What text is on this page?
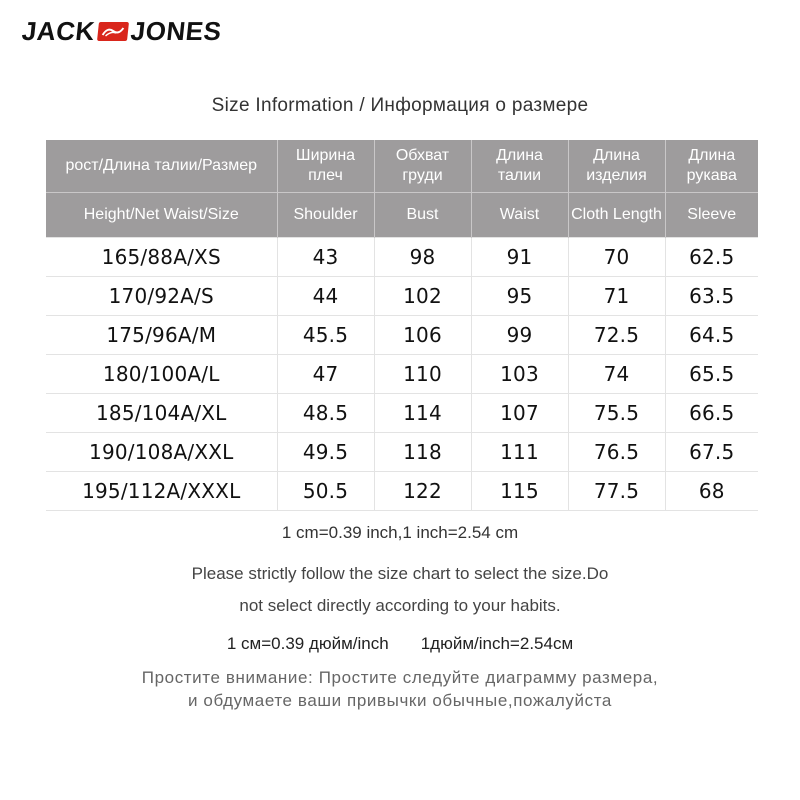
JACK JONES
Size Information / Информация о размере
рост/Длина талии/Размер	Ширина плеч	Обхват груди	Длина талии	Длина изделия	Длина рукава
Height/Net Waist/Size	Shoulder	Bust	Waist	Cloth Length	Sleeve
165/88A/XS	43	98	91	70	62.5
170/92A/S	44	102	95	71	63.5
175/96A/M	45.5	106	99	72.5	64.5
180/100A/L	47	110	103	74	65.5
185/104A/XL	48.5	114	107	75.5	66.5
190/108A/XXL	49.5	118	111	76.5	67.5
195/112A/XXXL	50.5	122	115	77.5	68
1 cm=0.39 inch,1 inch=2.54 cm
Please strictly follow the size chart to select the size.Do
not select directly according to your habits.
1 см=0.39 дюйм/inch 1дюйм/inch=2.54см
Простите внимание: Простите следуйте диаграмму размера,
и обдумаете ваши привычки обычные,пожалуйста
